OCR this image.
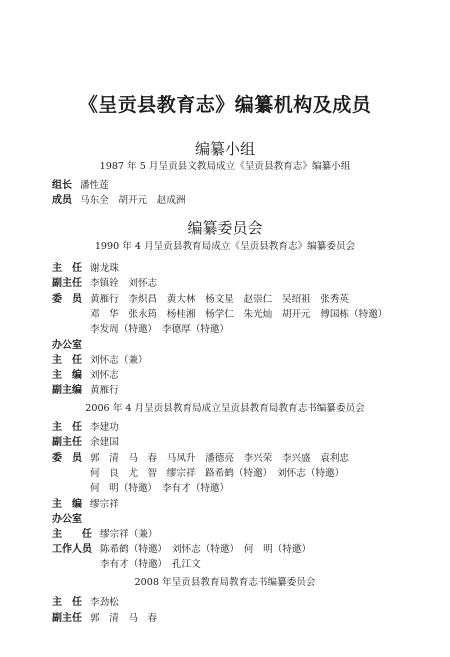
《呈贡县教育志》编纂机构及成员
编纂小组
1987 年 5 月呈贡县文教局成立《呈贡县教育志》编纂小组
组长 潘性莲
成员 马东全　胡开元　赵成洲
编纂委员会
1990 年 4 月呈贡县教育局成立《呈贡县教育志》编纂委员会
主　任 谢龙珠
副主任 李镇铨　刘怀志
委　员 黄雁行　李炽昌　黄大林　杨文星　赵崇仁　吴绍祖　张秀英
邓　华　张永筠　杨桂湘　杨学仁　朱光灿　胡开元　傅国栋（特邀）
李发周（特邀）　李德厚（特邀）
办公室
主　任 刘怀志（兼）
主　编 刘怀志
副主编 黄雁行
2006 年 4 月呈贡县教育局成立呈贡县教育局教育志书编纂委员会
主　任 李建功
副主任 余建国
委　员 郭　清　马　春　马凤升　潘德亮　李兴荣　李兴盛　袁利忠
何　良　尤　智　缪宗祥　路希鹤（特邀）　刘怀志（特邀）
何　明（特邀）　李有才（特邀）
主　编 缪宗祥
办公室
主　　任 缪宗祥（兼）
工作人员 陈希鹤（特邀）　刘怀志（特邀）　何　明（特邀）
李有才（特邀）　孔江文
2008 年呈贡县教育局教育志书编纂委员会
主　任 李劲松
副主任 郭　清　马　春
